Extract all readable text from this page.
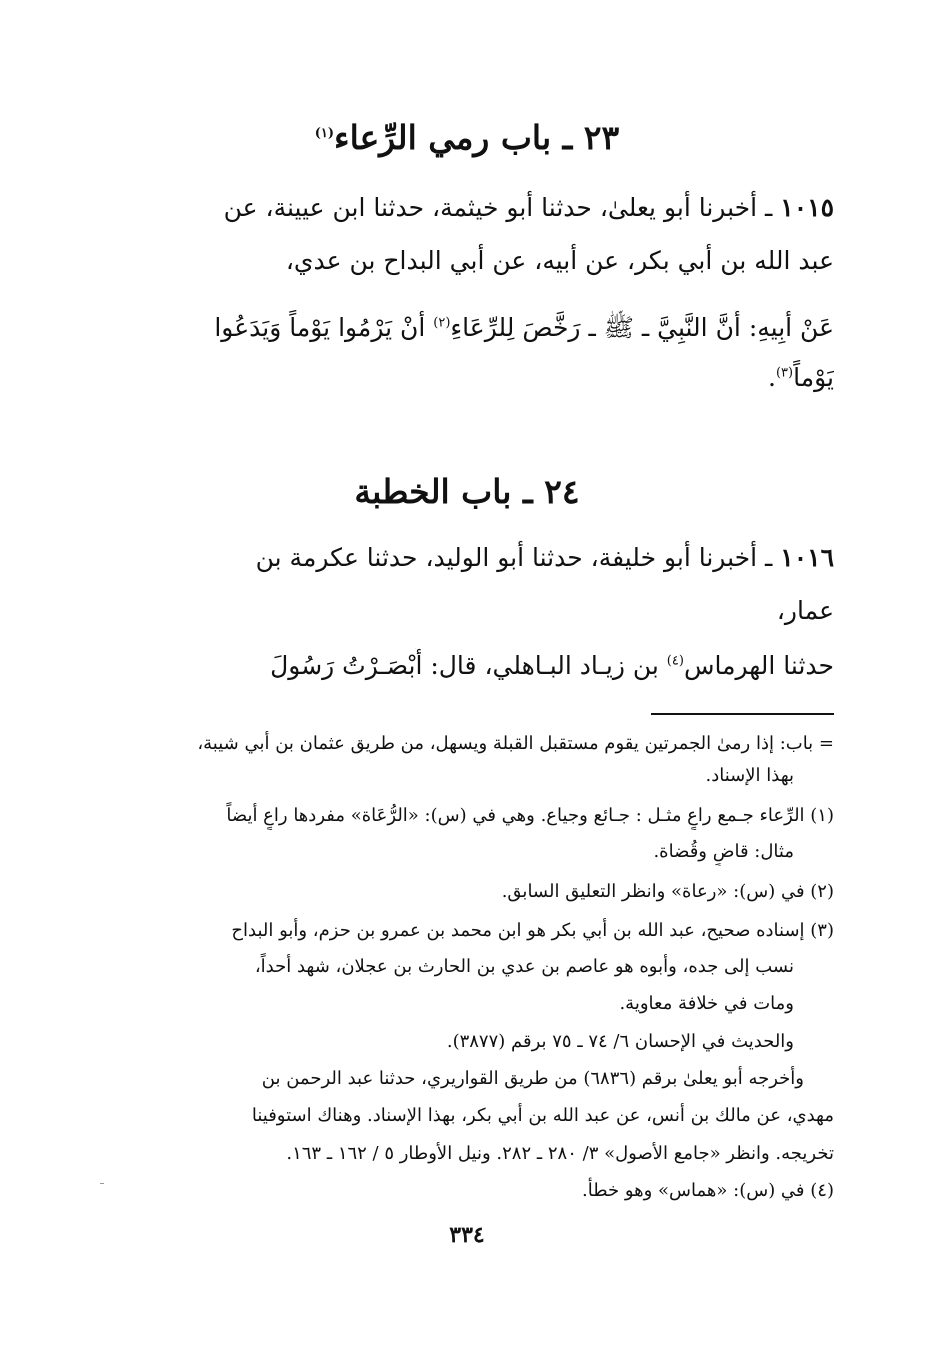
٢٣ ـ باب رمي الرِّعاء$^{(١)}$
١٠١٥ ـ أخبرنا أبو يعلىٰ، حدثنا أبو خيثمة، حدثنا ابن عيينة، عن
عبد الله بن أبي بكر، عن أبيه، عن أبي البداح بن عدي،
عَنْ أَبِيهِ: أَنَّ النَّبِيَّ ـ ﷺ ـ رَخَّصَ لِلرِّعَاءِ$^{(٢)}$ أَنْ يَرْمُوا يَوْماً وَيَدَعُوا
يَوْماً$^{(٣)}$.
٢٤ ـ باب الخطبة
١٠١٦ ـ أخبرنا أبو خليفة، حدثنا أبو الوليد، حدثنا عكرمة بن
عمار،
حدثنا الهرماس$^{(٤)}$ بن زيـاد البـاهلي، قال: أَبْصَـرْتُ رَسُولَ
= باب: إذا رمىٰ الجمرتين يقوم مستقبل القبلة ويسهل، من طريق عثمان بن أبي شيبة،
بهذا الإسناد.
(١) الرِّعاء جـمع راعٍ مثـل : جـائع وجياع. وهي في (س): «الرُّعَاة» مفردها راعٍ أيضاً
مثال: قاضٍ وقُضاة.
(٢) في (س): «رعاة» وانظر التعليق السابق.
(٣) إسناده صحيح، عبد الله بن أبي بكر هو ابن محمد بن عمرو بن حزم، وأبو البداح
نسب إلى جده، وأبوه هو عاصم بن عدي بن الحارث بن عجلان، شهد أحداً،
ومات في خلافة معاوية.
والحديث في الإحسان ٦/ ٧٤ ـ ٧٥ برقم (٣٨٧٧).
وأخرجه أبو يعلىٰ برقم (٦٨٣٦) من طريق القواريري، حدثنا عبد الرحمن بن
مهدي، عن مالك بن أنس، عن عبد الله بن أبي بكر، بهذا الإسناد. وهناك استوفينا
تخريجه. وانظر «جامع الأصول» ٣/ ٢٨٠ ـ ٢٨٢. ونيل الأوطار ٥ / ١٦٢ ـ ١٦٣.
(٤) في (س): «هماس» وهو خطأ.
٣٣٤
